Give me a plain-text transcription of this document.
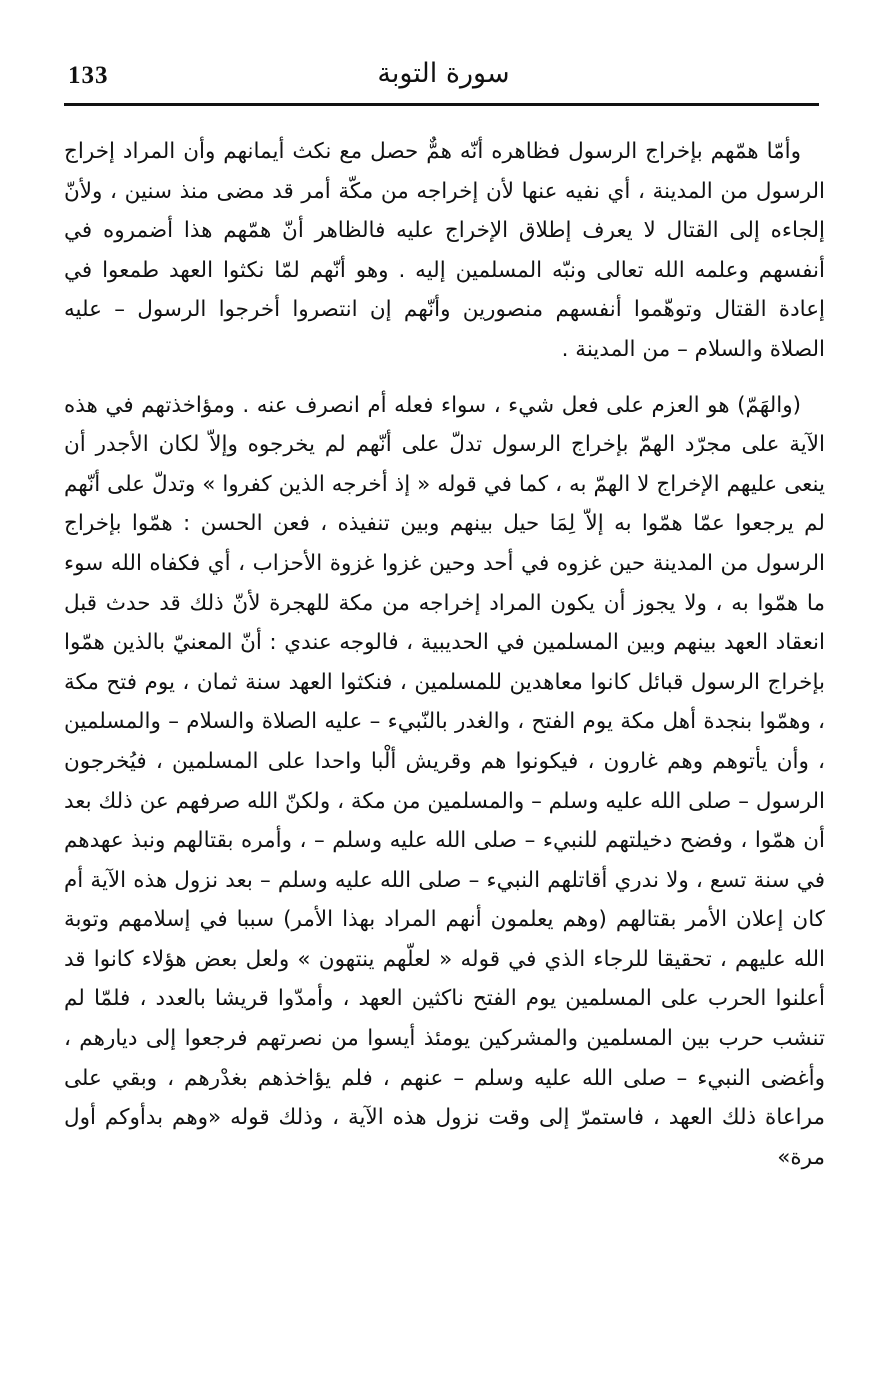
133	سورة التوبة

وأمّا همّهم بإخراج الرسول فظاهره أنّه همٌّ حصل مع نكث أيمانهم وأن المراد إخراج الرسول من المدينة ، أي نفيه عنها لأن إخراجه من مكّة أمر قد مضى منذ سنين ، ولأنّ إلجاءه إلى القتال لا يعرف إطلاق الإخراج عليه فالظاهر أنّ همّهم هذا أضمروه في أنفسهم وعلمه الله تعالى ونبّه المسلمين إليه . وهو أنّهم لمّا نكثوا العهد طمعوا في إعادة القتال وتوهّموا أنفسهم منصورين وأنّهم إن انتصروا أخرجوا الرسول – عليه الصلاة والسلام – من المدينة .

(والهَمّ) هو العزم على فعل شيء ، سواء فعله أم انصرف عنه . ومؤاخذتهم في هذه الآية على مجرّد الهمّ بإخراج الرسول تدلّ على أنّهم لم يخرجوه وإلاّ لكان الأجدر أن ينعى عليهم الإخراج لا الهمّ به ، كما في قوله « إذ أخرجه الذين كفروا » وتدلّ على أنّهم لم يرجعوا عمّا همّوا به إلاّ لِمَا حيل بينهم وبين تنفيذه ، فعن الحسن : همّوا بإخراج الرسول من المدينة حين غزوه في أحد وحين غزوا غزوة الأحزاب ، أي فكفاه الله سوء ما همّوا به ، ولا يجوز أن يكون المراد إخراجه من مكة للهجرة لأنّ ذلك قد حدث قبل انعقاد العهد بينهم وبين المسلمين في الحديبية ، فالوجه عندي : أنّ المعنيّ بالذين همّوا بإخراج الرسول قبائل كانوا معاهدين للمسلمين ، فنكثوا العهد سنة ثمان ، يوم فتح مكة ، وهمّوا بنجدة أهل مكة يوم الفتح ، والغدر بالنّبيء – عليه الصلاة والسلام – والمسلمين ، وأن يأتوهم وهم غارون ، فيكونوا هم وقريش ألْبا واحدا على المسلمين ، فيُخرجون الرسول – صلى الله عليه وسلم – والمسلمين من مكة ، ولكنّ الله صرفهم عن ذلك بعد أن همّوا ، وفضح دخيلتهم للنبيء – صلى الله عليه وسلم – ، وأمره بقتالهم ونبذ عهدهم في سنة تسع ، ولا ندري أقاتلهم النبيء – صلى الله عليه وسلم – بعد نزول هذه الآية أم كان إعلان الأمر بقتالهم (وهم يعلمون أنهم المراد بهذا الأمر) سببا في إسلامهم وتوبة الله عليهم ، تحقيقا للرجاء الذي في قوله « لعلّهم ينتهون » ولعل بعض هؤلاء كانوا قد أعلنوا الحرب على المسلمين يوم الفتح ناكثين العهد ، وأمدّوا قريشا بالعدد ، فلمّا لم تنشب حرب بين المسلمين والمشركين يومئذ أيسوا من نصرتهم فرجعوا إلى ديارهم ، وأغضى النبيء – صلى الله عليه وسلم – عنهم ، فلم يؤاخذهم بغدْرهم ، وبقي على مراعاة ذلك العهد ، فاستمرّ إلى وقت نزول هذه الآية ، وذلك قوله «وهم بدأوكم أول مرة»
